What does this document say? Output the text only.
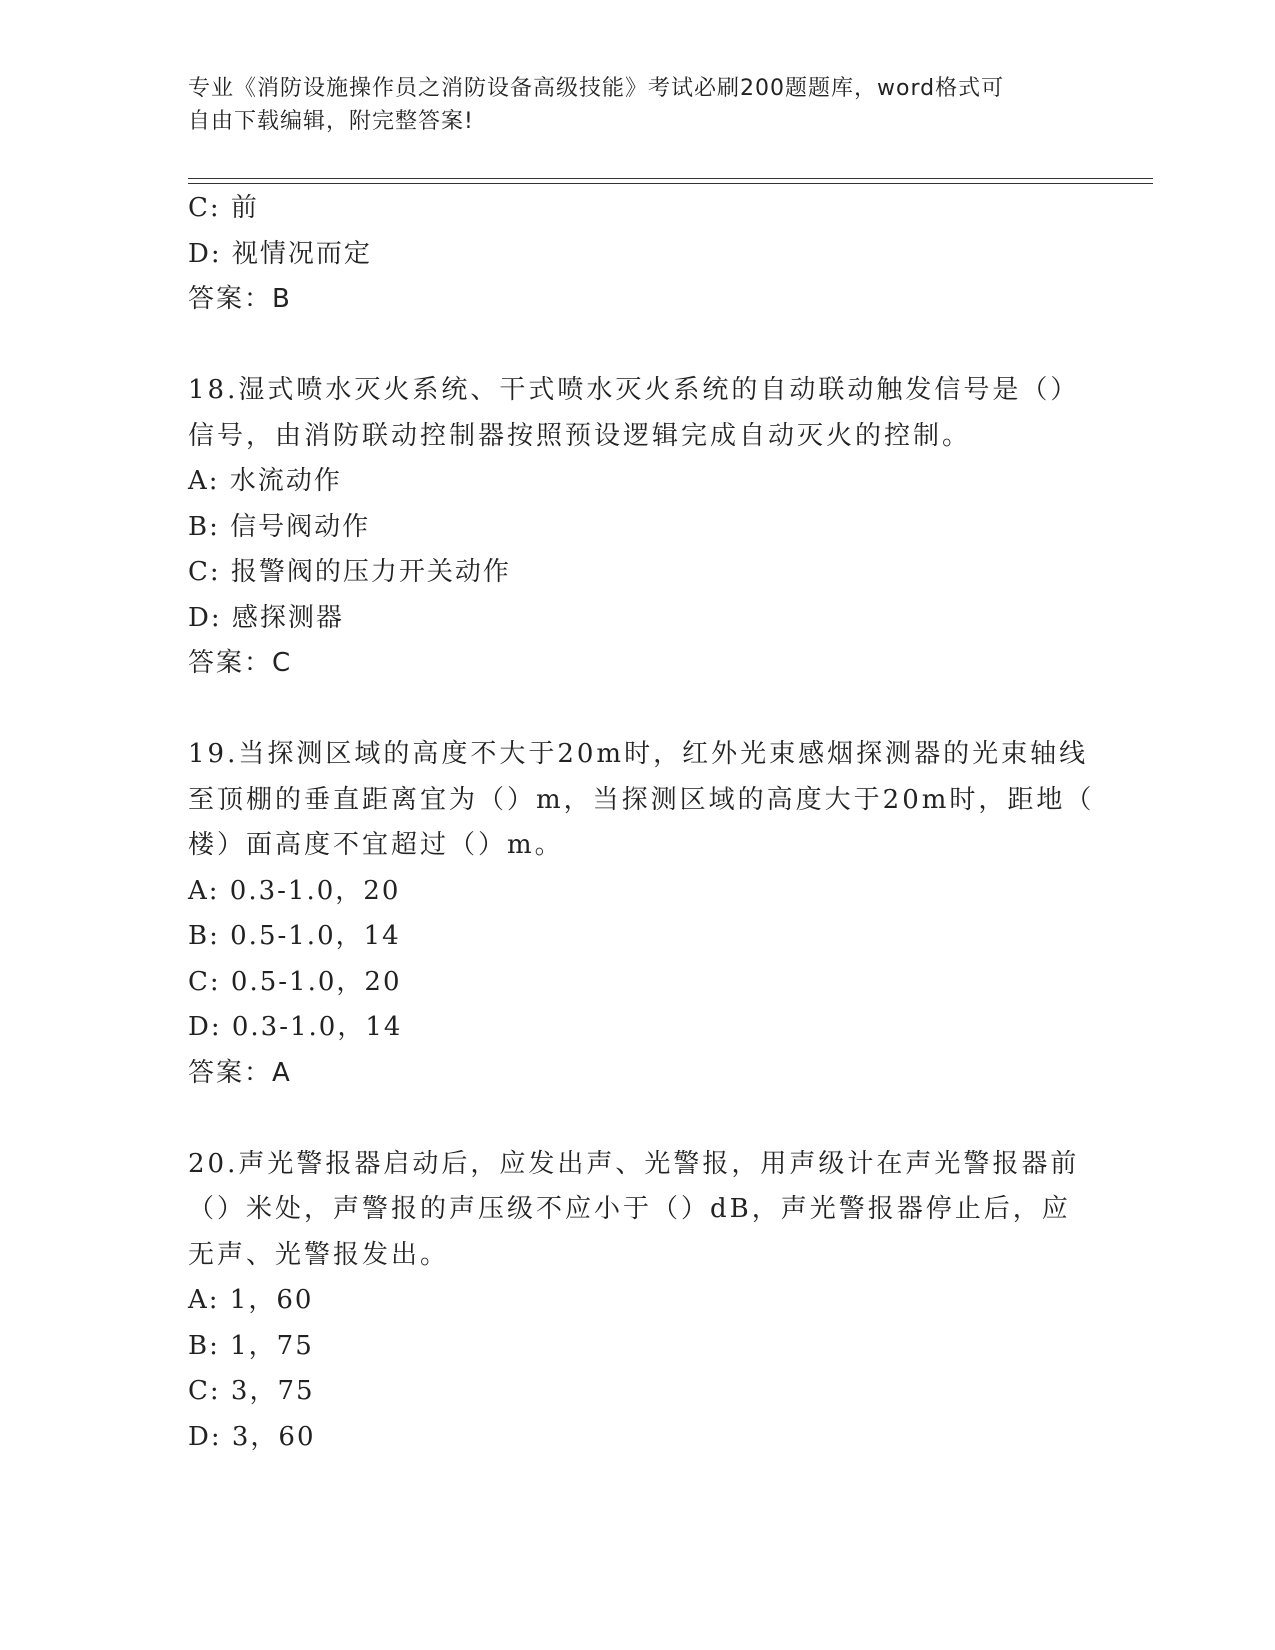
专业《消防设施操作员之消防设备高级技能》考试必刷200题题库，word格式可
自由下载编辑，附完整答案!
C: 前
D: 视情况而定
答案：B
18.湿式喷水灭火系统、干式喷水灭火系统的自动联动触发信号是（）
信号，由消防联动控制器按照预设逻辑完成自动灭火的控制。
A: 水流动作
B: 信号阀动作
C: 报警阀的压力开关动作
D: 感探测器
答案：C
19.当探测区域的高度不大于20m时，红外光束感烟探测器的光束轴线
至顶棚的垂直距离宜为（）m，当探测区域的高度大于20m时，距地（
楼）面高度不宜超过（）m。
A: 0.3-1.0，20
B: 0.5-1.0，14
C: 0.5-1.0，20
D: 0.3-1.0，14
答案：A
20.声光警报器启动后，应发出声、光警报，用声级计在声光警报器前
（）米处，声警报的声压级不应小于（）dB，声光警报器停止后，应
无声、光警报发出。
A: 1，60
B: 1，75
C: 3，75
D: 3，60
